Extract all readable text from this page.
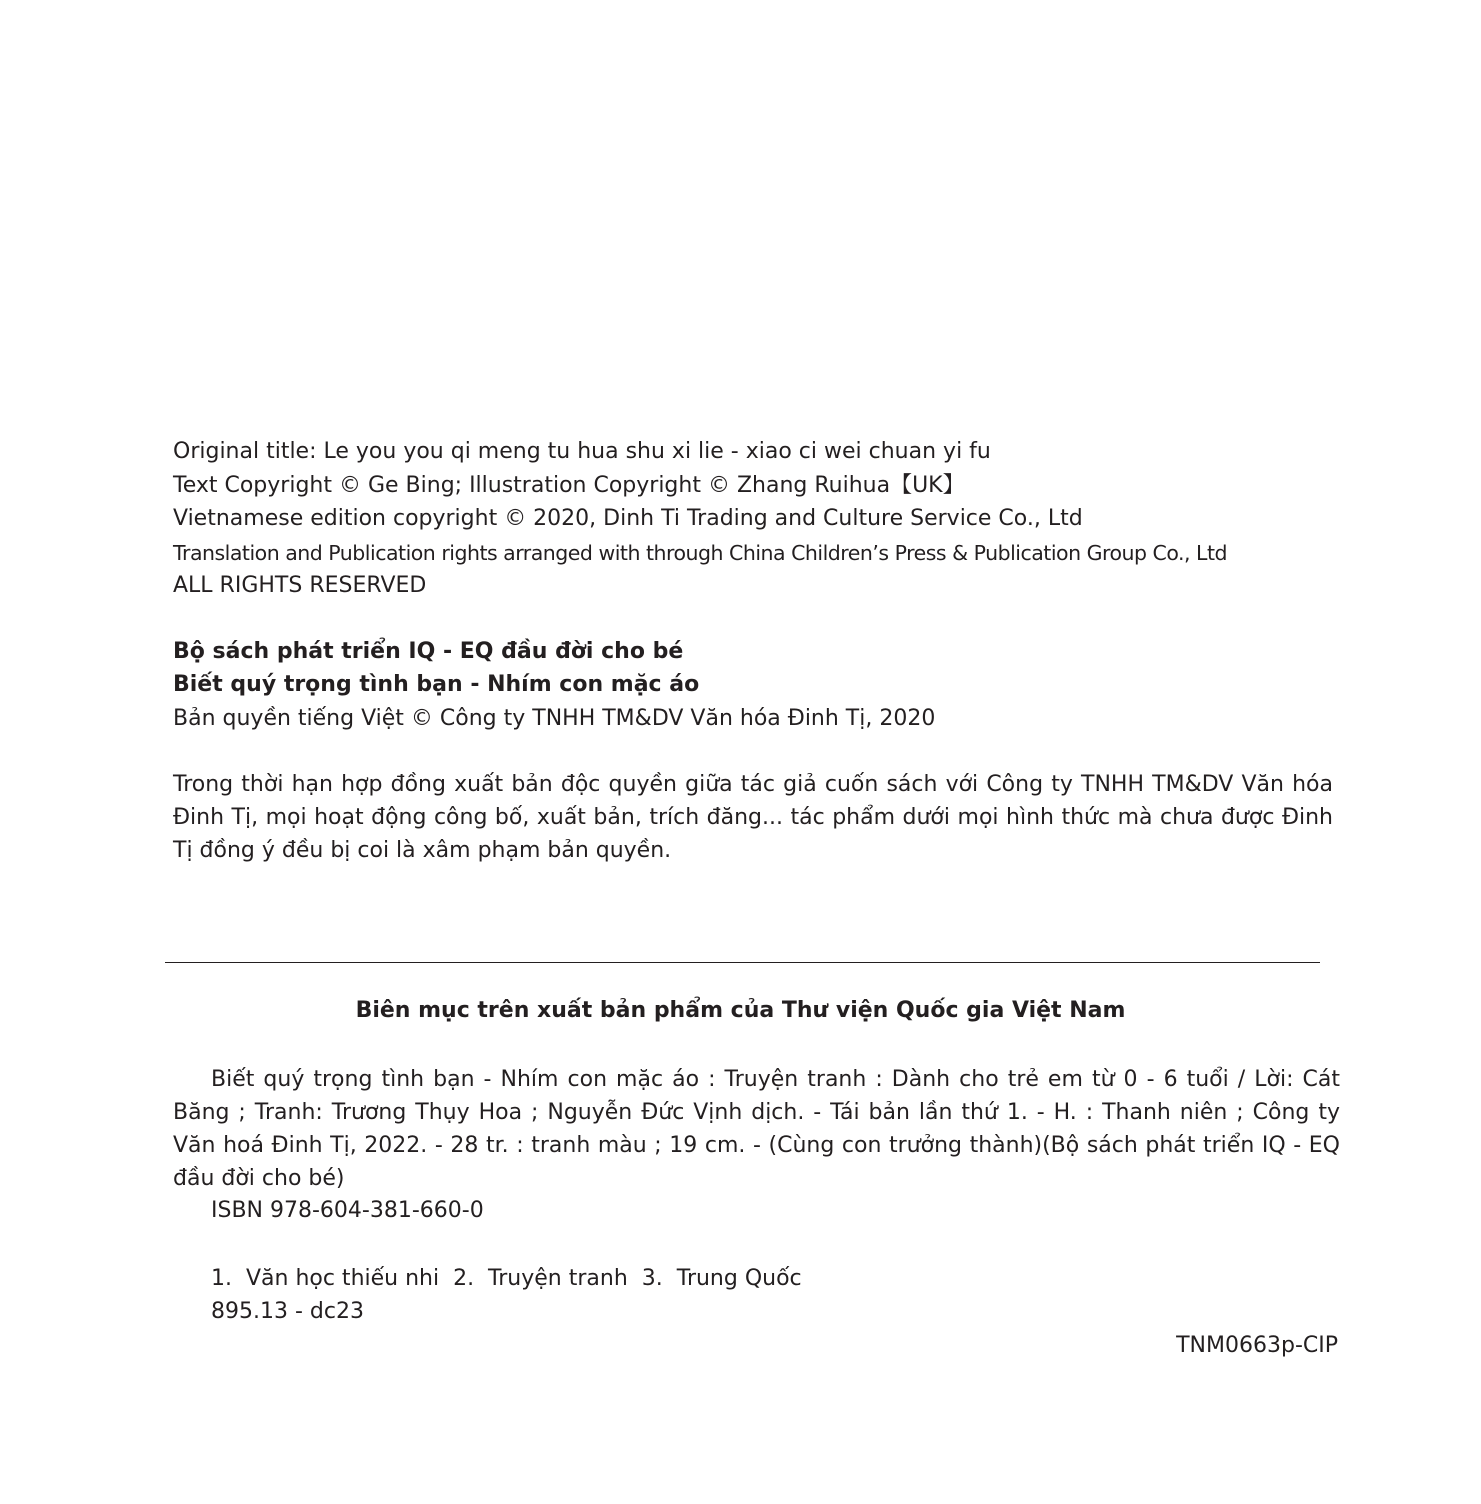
Original title: Le you you qi meng tu hua shu xi lie - xiao ci wei chuan yi fu
Text Copyright © Ge Bing; Illustration Copyright © Zhang Ruihua【UK】
Vietnamese edition copyright © 2020, Dinh Ti Trading and Culture Service Co., Ltd
Translation and Publication rights arranged with through China Children’s Press & Publication Group Co., Ltd
ALL RIGHTS RESERVED
Bộ sách phát triển IQ - EQ đầu đời cho bé
Biết quý trọng tình bạn - Nhím con mặc áo
Bản quyền tiếng Việt © Công ty TNHH TM&DV Văn hóa Đinh Tị, 2020
Trong thời hạn hợp đồng xuất bản độc quyền giữa tác giả cuốn sách với Công ty TNHH TM&DV Văn hóa Đinh Tị, mọi hoạt động công bố, xuất bản, trích đăng... tác phẩm dưới mọi hình thức mà chưa được Đinh Tị đồng ý đều bị coi là xâm phạm bản quyền.
Biên mục trên xuất bản phẩm của Thư viện Quốc gia Việt Nam
Biết quý trọng tình bạn - Nhím con mặc áo : Truyện tranh : Dành cho trẻ em từ 0 - 6 tuổi / Lời: Cát Băng ; Tranh: Trương Thụy Hoa ; Nguyễn Đức Vịnh dịch. - Tái bản lần thứ 1. - H. : Thanh niên ; Công ty Văn hoá Đinh Tị, 2022. - 28 tr. : tranh màu ; 19 cm. - (Cùng con trưởng thành)(Bộ sách phát triển IQ - EQ đầu đời cho bé)
ISBN 978-604-381-660-0
1.  Văn học thiếu nhi  2.  Truyện tranh  3.  Trung Quốc
895.13 - dc23
TNM0663p-CIP
